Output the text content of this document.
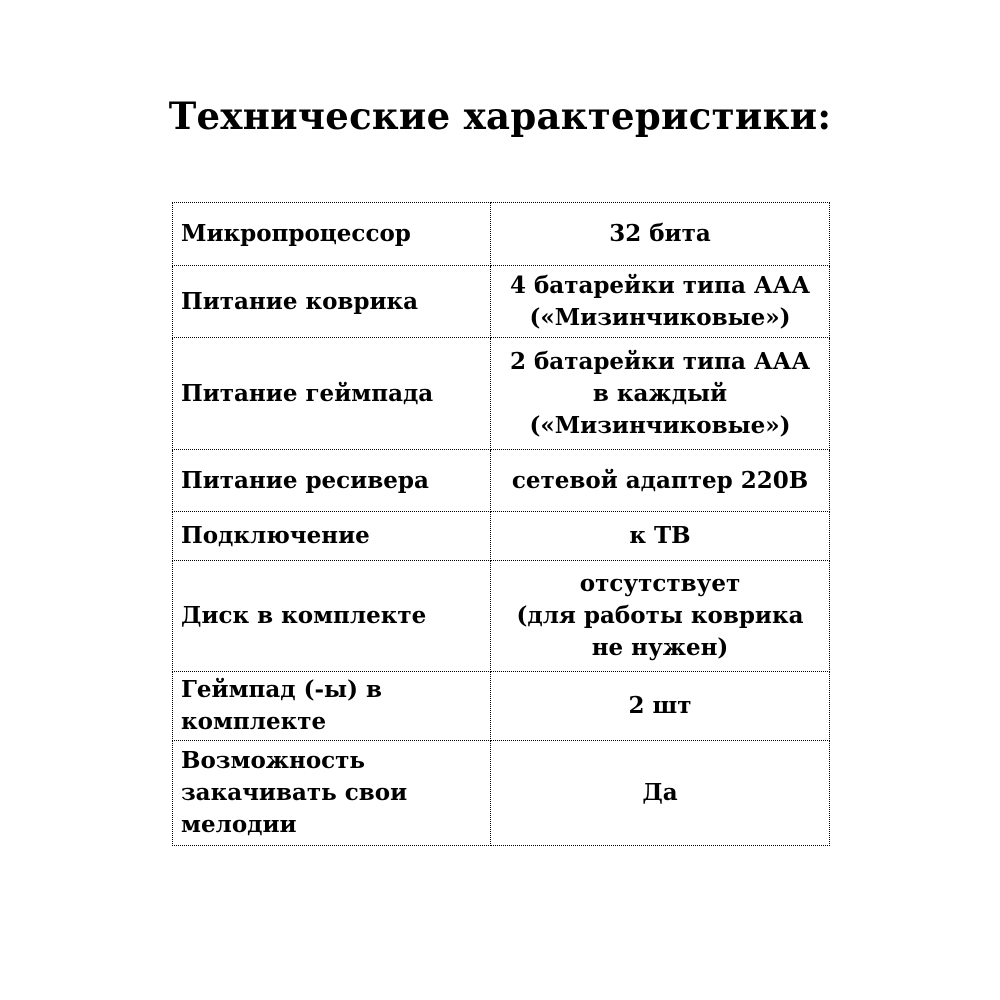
Технические характеристики:
Микропроцессор	32 бита

Питание коврика	4 батарейки типа ААА
(«Мизинчиковые»)

Питание геймпада	2 батарейки типа ААА
в каждый
(«Мизинчиковые»)

Питание ресивера	сетевой адаптер 220В

Подключение	к ТВ

Диск в комплекте	отсутствует
(для работы коврика
не нужен)

Геймпад (-ы) в
комплекте	2 шт

Возможность
закачивать свои
мелодии	Да
